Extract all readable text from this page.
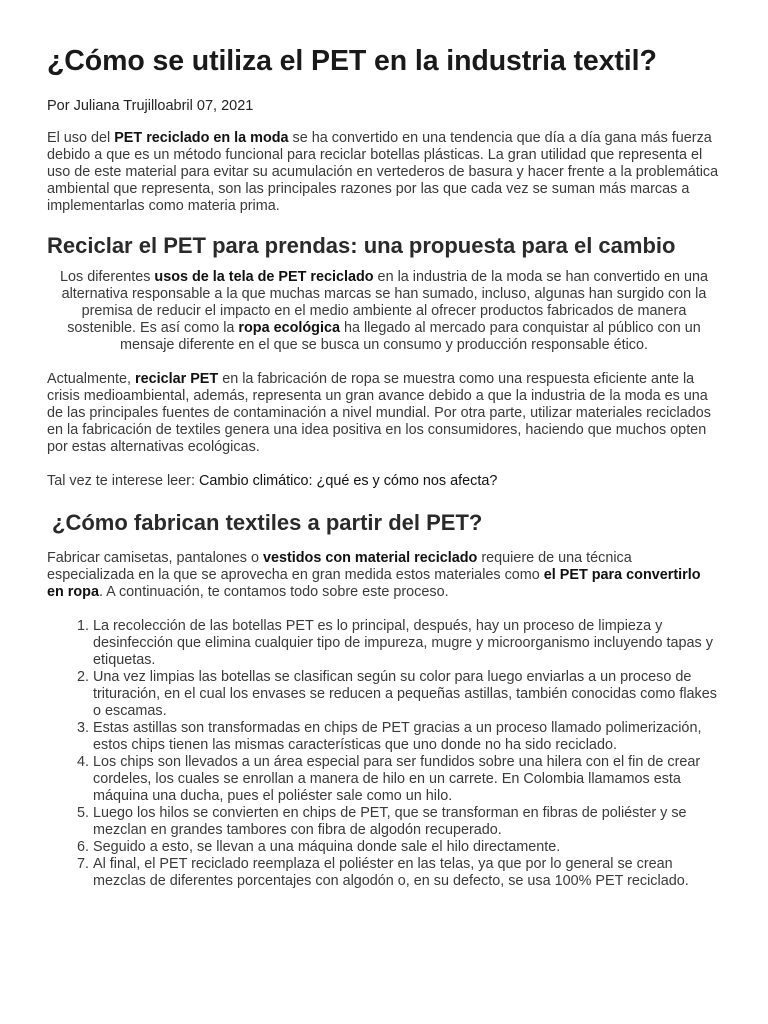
¿Cómo se utiliza el PET en la industria textil?
Por Juliana Trujilloabril 07, 2021

El uso del PET reciclado en la moda se ha convertido en una tendencia que día a día gana más fuerza debido a que es un método funcional para reciclar botellas plásticas. La gran utilidad que representa el uso de este material para evitar su acumulación en vertederos de basura y hacer frente a la problemática ambiental que representa, son las principales razones por las que cada vez se suman más marcas a implementarlas como materia prima.

Reciclar el PET para prendas: una propuesta para el cambio

Los diferentes usos de la tela de PET reciclado en la industria de la moda se han convertido en una alternativa responsable a la que muchas marcas se han sumado, incluso, algunas han surgido con la premisa de reducir el impacto en el medio ambiente al ofrecer productos fabricados de manera sostenible. Es así como la ropa ecológica ha llegado al mercado para conquistar al público con un mensaje diferente en el que se busca un consumo y producción responsable ético.

Actualmente, reciclar PET en la fabricación de ropa se muestra como una respuesta eficiente ante la crisis medioambiental, además, representa un gran avance debido a que la industria de la moda es una de las principales fuentes de contaminación a nivel mundial. Por otra parte, utilizar materiales reciclados en la fabricación de textiles genera una idea positiva en los consumidores, haciendo que muchos opten por estas alternativas ecológicas.

Tal vez te interese leer: Cambio climático: ¿qué es y cómo nos afecta?

¿Cómo fabrican textiles a partir del PET?

Fabricar camisetas, pantalones o vestidos con material reciclado requiere de una técnica especializada en la que se aprovecha en gran medida estos materiales como el PET para convertirlo en ropa. A continuación, te contamos todo sobre este proceso.

1. La recolección de las botellas PET es lo principal, después, hay un proceso de limpieza y desinfección que elimina cualquier tipo de impureza, mugre y microorganismo incluyendo tapas y etiquetas.
2. Una vez limpias las botellas se clasifican según su color para luego enviarlas a un proceso de trituración, en el cual los envases se reducen a pequeñas astillas, también conocidas como flakes o escamas.
3. Estas astillas son transformadas en chips de PET gracias a un proceso llamado polimerización, estos chips tienen las mismas características que uno donde no ha sido reciclado.
4. Los chips son llevados a un área especial para ser fundidos sobre una hilera con el fin de crear cordeles, los cuales se enrollan a manera de hilo en un carrete. En Colombia llamamos esta máquina una ducha, pues el poliéster sale como un hilo.
5. Luego los hilos se convierten en chips de PET, que se transforman en fibras de poliéster y se mezclan en grandes tambores con fibra de algodón recuperado.
6. Seguido a esto, se llevan a una máquina donde sale el hilo directamente.
7. Al final, el PET reciclado reemplaza el poliéster en las telas, ya que por lo general se crean mezclas de diferentes porcentajes con algodón o, en su defecto, se usa 100% PET reciclado.
